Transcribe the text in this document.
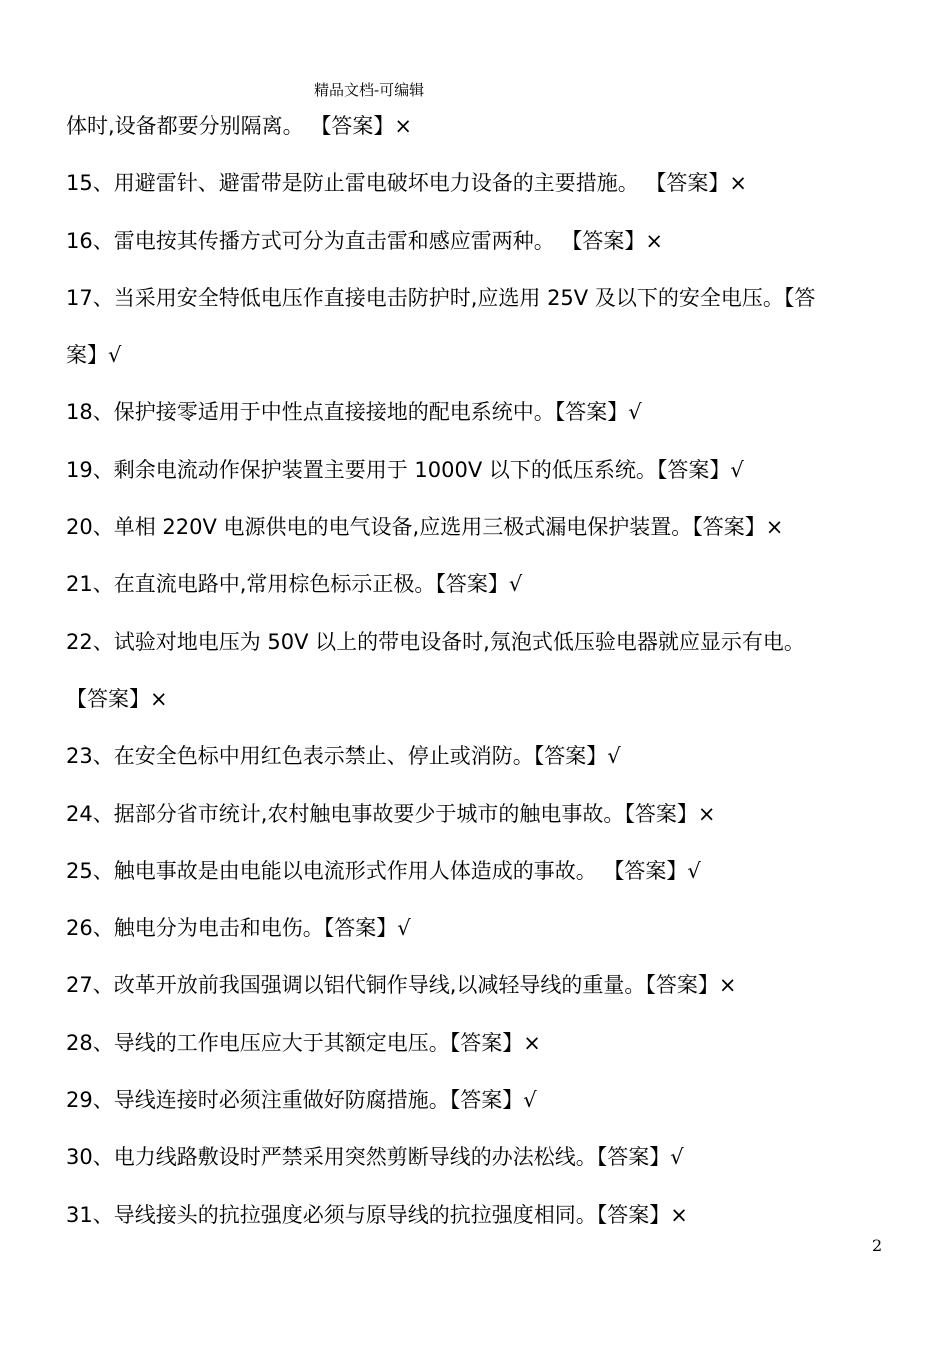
精品文档-可编辑
体时,设备都要分别隔离。 【答案】×
15、用避雷针、避雷带是防止雷电破坏电力设备的主要措施。 【答案】×
16、雷电按其传播方式可分为直击雷和感应雷两种。 【答案】×
17、当采用安全特低电压作直接电击防护时,应选用 25V 及以下的安全电压。【答
案】√
18、保护接零适用于中性点直接接地的配电系统中。【答案】√
19、剩余电流动作保护装置主要用于 1000V 以下的低压系统。【答案】√
20、单相 220V 电源供电的电气设备,应选用三极式漏电保护装置。【答案】×
21、在直流电路中,常用棕色标示正极。【答案】√
22、试验对地电压为 50V 以上的带电设备时,氖泡式低压验电器就应显示有电。
【答案】×
23、在安全色标中用红色表示禁止、停止或消防。【答案】√
24、据部分省市统计,农村触电事故要少于城市的触电事故。【答案】×
25、触电事故是由电能以电流形式作用人体造成的事故。 【答案】√
26、触电分为电击和电伤。【答案】√
27、改革开放前我国强调以铝代铜作导线,以减轻导线的重量。【答案】×
28、导线的工作电压应大于其额定电压。【答案】×
29、导线连接时必须注重做好防腐措施。【答案】√
30、电力线路敷设时严禁采用突然剪断导线的办法松线。【答案】√
31、导线接头的抗拉强度必须与原导线的抗拉强度相同。【答案】×
2
